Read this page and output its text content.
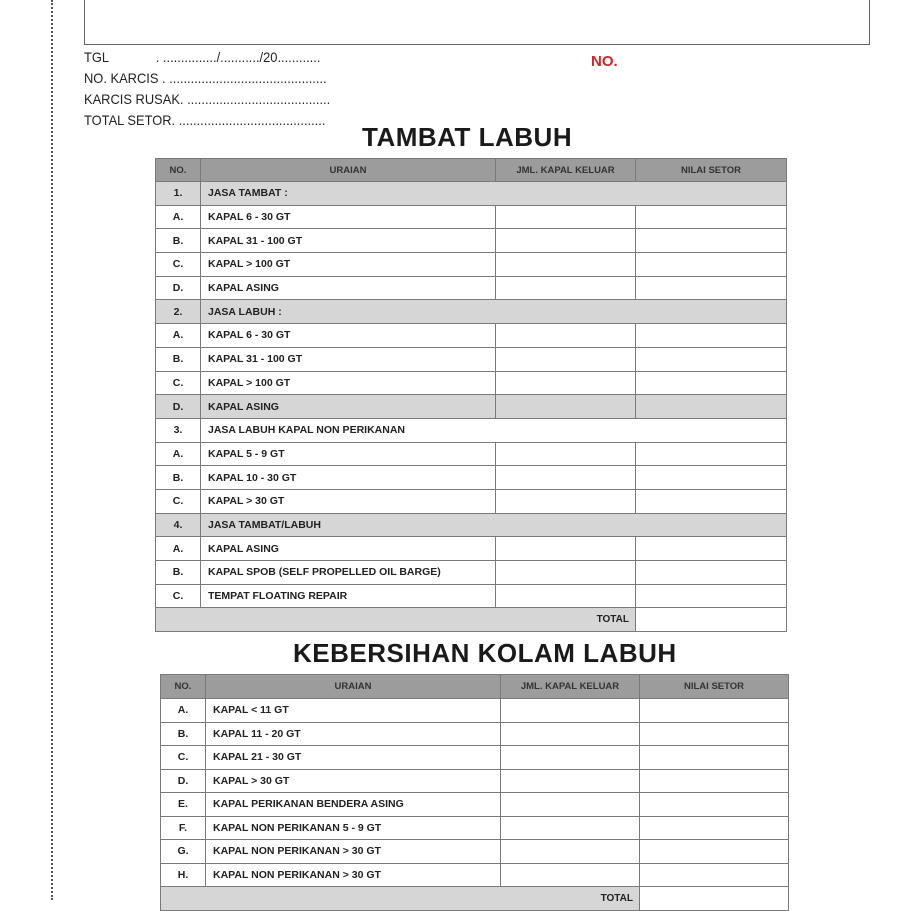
TGL	. .............../.........../20............
NO. KARCIS . ............................................
KARCIS RUSAK. ........................................
TOTAL SETOR. .........................................
NO.
TAMBAT LABUH
NO.	URAIAN	JML. KAPAL KELUAR	NILAI SETOR
1.	JASA TAMBAT :		
A.	KAPAL 6 - 30 GT		
B.	KAPAL 31 - 100 GT		
C.	KAPAL > 100 GT		
D.	KAPAL ASING		
2.	JASA LABUH :		
A.	KAPAL 6 - 30 GT		
B.	KAPAL 31 - 100 GT		
C.	KAPAL > 100 GT		
D.	KAPAL ASING		
3.	JASA LABUH KAPAL NON PERIKANAN		
A.	KAPAL 5 - 9 GT		
B.	KAPAL 10 - 30 GT		
C.	KAPAL > 30 GT		
4.	JASA TAMBAT/LABUH		
A.	KAPAL ASING		
B.	KAPAL SPOB (SELF PROPELLED OIL BARGE)		
C.	TEMPAT FLOATING REPAIR		
TOTAL			
KEBERSIHAN KOLAM LABUH
NO.	URAIAN	JML. KAPAL KELUAR	NILAI SETOR
A.	KAPAL < 11 GT		
B.	KAPAL 11 - 20 GT		
C.	KAPAL 21 - 30 GT		
D.	KAPAL > 30 GT		
E.	KAPAL PERIKANAN BENDERA ASING		
F.	KAPAL NON PERIKANAN 5 - 9 GT		
G.	KAPAL NON PERIKANAN > 30 GT		
H.	KAPAL NON PERIKANAN > 30 GT		
TOTAL			
